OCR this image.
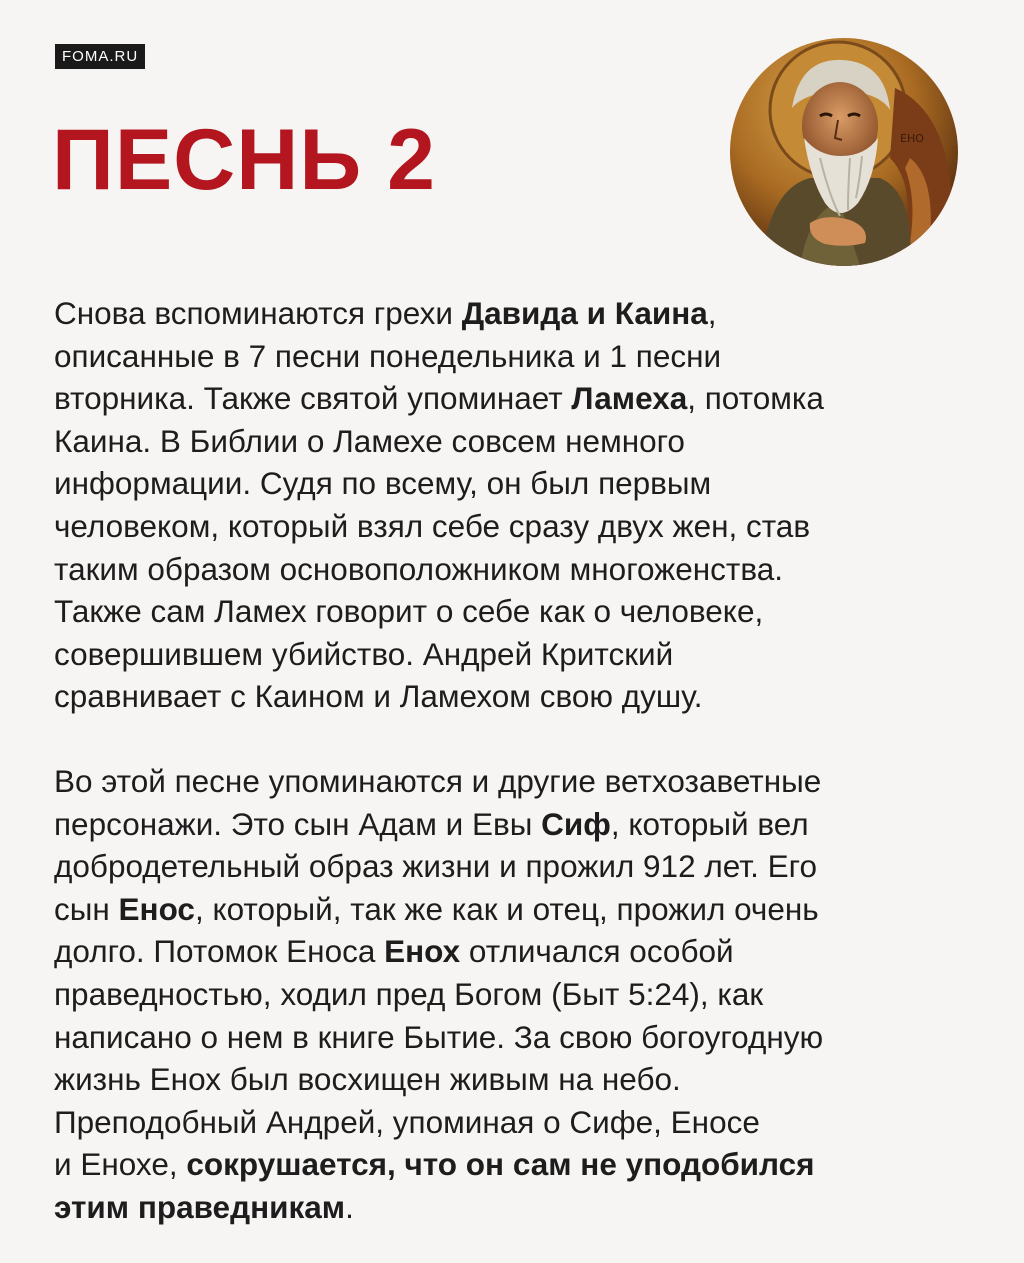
FOMA.RU
ПЕСНЬ 2	ЕНО

Снова вспоминаются грехи Давида и Каина,
описанные в 7 песни понедельника и 1 песни
вторника. Также святой упоминает Ламеха, потомка
Каина. В Библии о Ламехе совсем немного
информации. Судя по всему, он был первым
человеком, который взял себе сразу двух жен, став
таким образом основоположником многоженства.
Также сам Ламех говорит о себе как о человеке,
совершившем убийство. Андрей Критский
сравнивает с Каином и Ламехом свою душу.

Во этой песне упоминаются и другие ветхозаветные
персонажи. Это сын Адам и Евы Сиф, который вел
добродетельный образ жизни и прожил 912 лет. Его
сын Енос, который, так же как и отец, прожил очень
долго. Потомок Еноса Енох отличался особой
праведностью, ходил пред Богом (Быт 5:24), как
написано о нем в книге Бытие. За свою богоугодную
жизнь Енох был восхищен живым на небо.
Преподобный Андрей, упоминая о Сифе, Еносе
и Енохе, сокрушается, что он сам не уподобился
этим праведникам.
